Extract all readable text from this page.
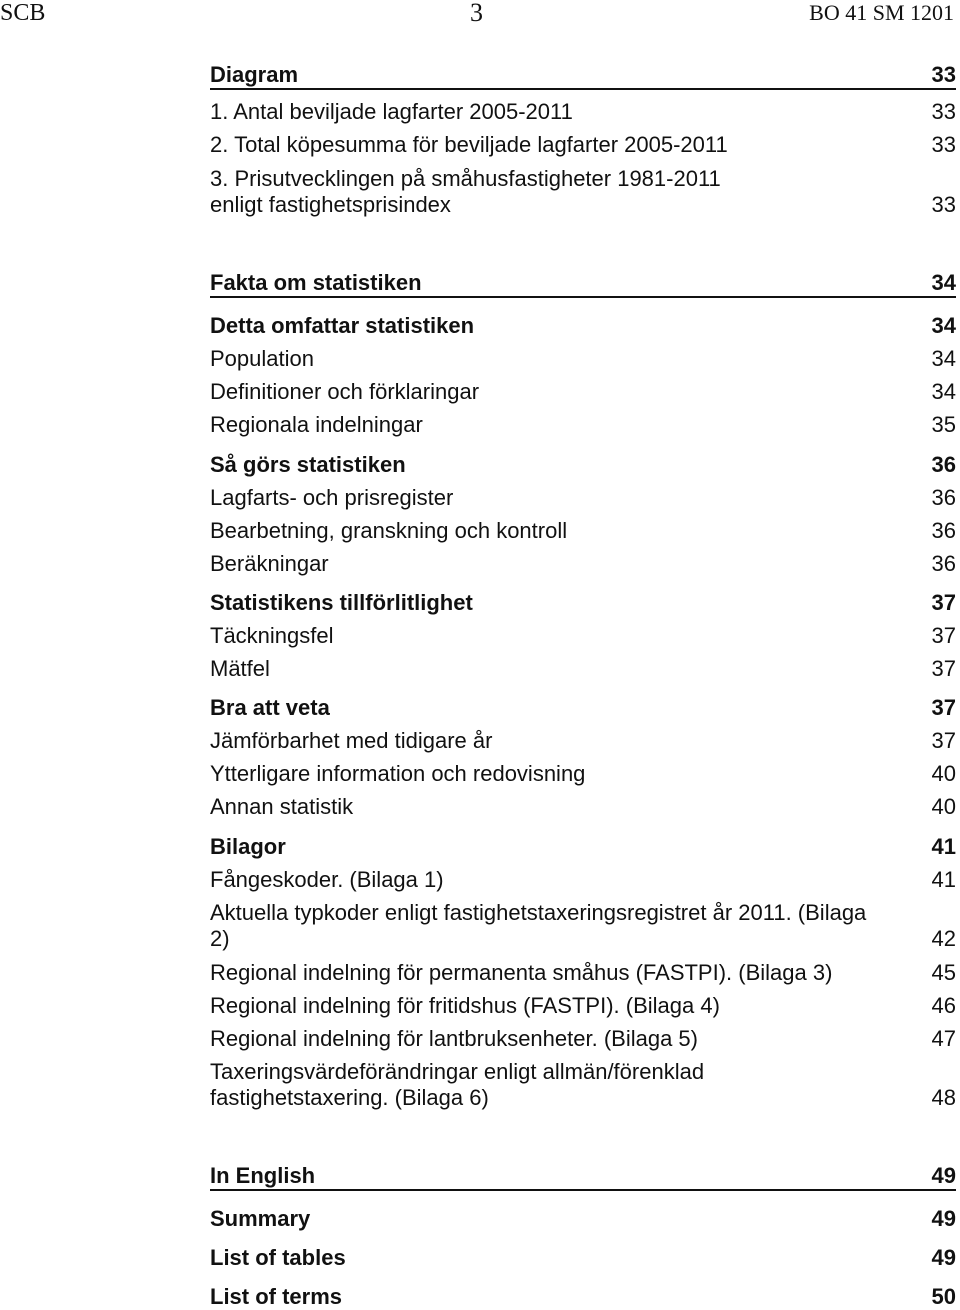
SCB	3	BO 41 SM 1201
Diagram	33
1. Antal beviljade lagfarter 2005-2011	33
2. Total köpesumma för beviljade lagfarter 2005-2011	33
3. Prisutvecklingen på småhusfastigheter 1981-2011 enligt fastighetsprisindex	33
Fakta om statistiken	34
Detta omfattar statistiken	34
Population	34
Definitioner och förklaringar	34
Regionala indelningar	35
Så görs statistiken	36
Lagfarts- och prisregister	36
Bearbetning, granskning och kontroll	36
Beräkningar	36
Statistikens tillförlitlighet	37
Täckningsfel	37
Mätfel	37
Bra att veta	37
Jämförbarhet med tidigare år	37
Ytterligare information och redovisning	40
Annan statistik	40
Bilagor	41
Fångeskoder. (Bilaga 1)	41
Aktuella typkoder enligt fastighetstaxeringsregistret år 2011. (Bilaga 2)	42
Regional indelning för permanenta småhus (FASTPI). (Bilaga 3)	45
Regional indelning för fritidshus (FASTPI). (Bilaga 4)	46
Regional indelning för lantbruksenheter. (Bilaga 5)	47
Taxeringsvärdeförändringar enligt allmän/förenklad fastighetstaxering. (Bilaga 6)	48
In English	49
Summary	49
List of tables	49
List of terms	50
